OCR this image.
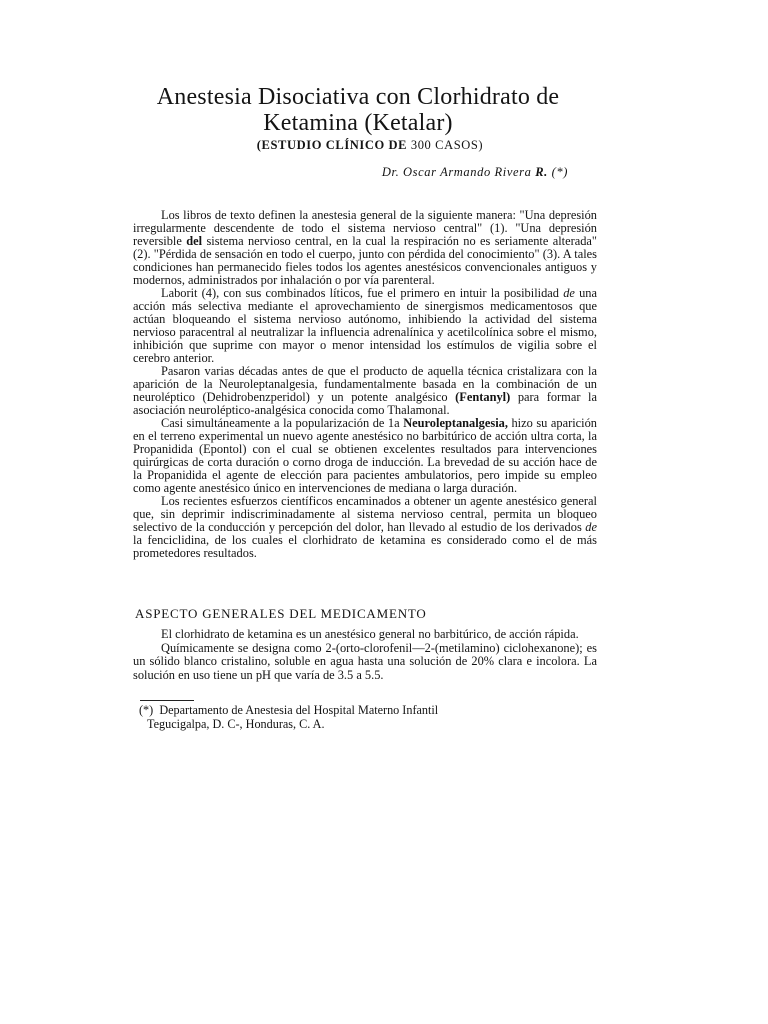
Anestesia Disociativa con Clorhidrato de
Ketamina (Ketalar)
(ESTUDIO CLÍNICO DE 300 CASOS)
Dr. Oscar Armando Rivera R. (*)

Los libros de texto definen la anestesia general de la siguiente manera: "Una depresión irregularmente descendente de todo el sistema nervioso central" (1). "Una depresión reversible del sistema nervioso central, en la cual la respiración no es seriamente alterada" (2). "Pérdida de sensación en todo el cuerpo, junto con pérdida del conocimiento" (3). A tales condiciones han permanecido fieles todos los agentes anestésicos convencionales antiguos y modernos, administrados por inhalación o por vía parenteral.

Laborit (4), con sus combinados líticos, fue el primero en intuir la posibilidad de una acción más selectiva mediante el aprovechamiento de sinergismos medicamentosos que actúan bloqueando el sistema nervioso autónomo, inhibiendo la actividad del sistema nervioso paracentral al neutralizar la influencia adrenalínica y acetilcolínica sobre el mismo, inhibición que suprime con mayor o menor intensidad los estímulos de vigilia sobre el cerebro anterior.

Pasaron varias décadas antes de que el producto de aquella técnica cristalizara con la aparición de la Neuroleptanalgesia, fundamentalmente basada en la combinación de un neuroléptico (Dehidrobenzperidol) y un potente analgésico (Fentanyl) para formar la asociación neuroléptico-analgésica conocida como Thalamonal.

Casi simultáneamente a la popularización de 1a Neuroleptanalgesia, hizo su aparición en el terreno experimental un nuevo agente anestésico no barbitúrico de acción ultra corta, la Propanidida (Epontol) con el cual se obtienen excelentes resultados para intervenciones quirúrgicas de corta duración o corno droga de inducción. La brevedad de su acción hace de la Propanidida el agente de elección para pacientes ambulatorios, pero impide su empleo como agente anestésico único en intervenciones de mediana o larga duración.

Los recientes esfuerzos científicos encaminados a obtener un agente anestésico general que, sin deprimir indiscriminadamente al sistema nervioso central, permita un bloqueo selectivo de la conducción y percepción del dolor, han llevado al estudio de los derivados de la fenciclidina, de los cuales el clorhidrato de ketamina es considerado como el de más prometedores resultados.

ASPECTO GENERALES DEL MEDICAMENTO

El clorhidrato de ketamina es un anestésico general no barbitúrico, de acción rápida.

Químicamente se designa como 2-(orto-clorofenil—2-(metilamino) ciclohexanone); es un sólido blanco cristalino, soluble en agua hasta una solución de 20% clara e incolora. La solución en uso tiene un pH que varía de 3.5 a 5.5.

(*) Departamento de Anestesia del Hospital Materno Infantil
Tegucigalpa, D. C-, Honduras, C. A.
